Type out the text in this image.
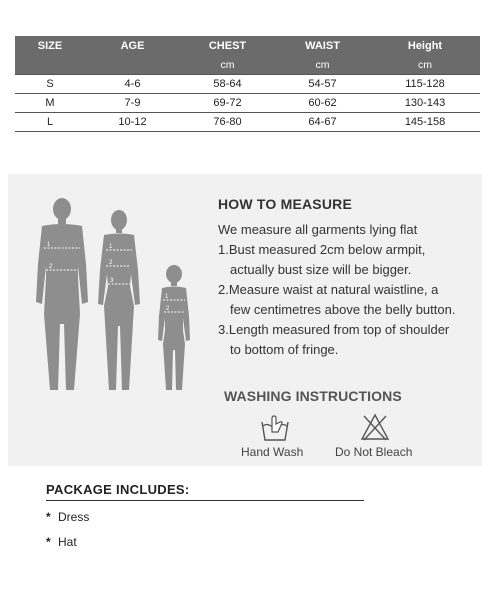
SIZE	AGE	CHEST	WAIST	Height
		cm	cm	cm
S	4-6	58-64	54-57	115-128
M	7-9	69-72	60-62	130-143
L	10-12	76-80	64-67	145-158
1
2
1
2
3
1
2
HOW TO MEASURE
We measure all garments lying flat
1.Bust measured 2cm below armpit,
actually bust size will be bigger.
2.Measure waist at natural waistline, a
few centimetres above the belly button.
3.Length measured from top of shoulder
to bottom of fringe.
WASHING INSTRUCTIONS
Hand Wash	Do Not Bleach
PACKAGE INCLUDES:
* Dress
* Hat
